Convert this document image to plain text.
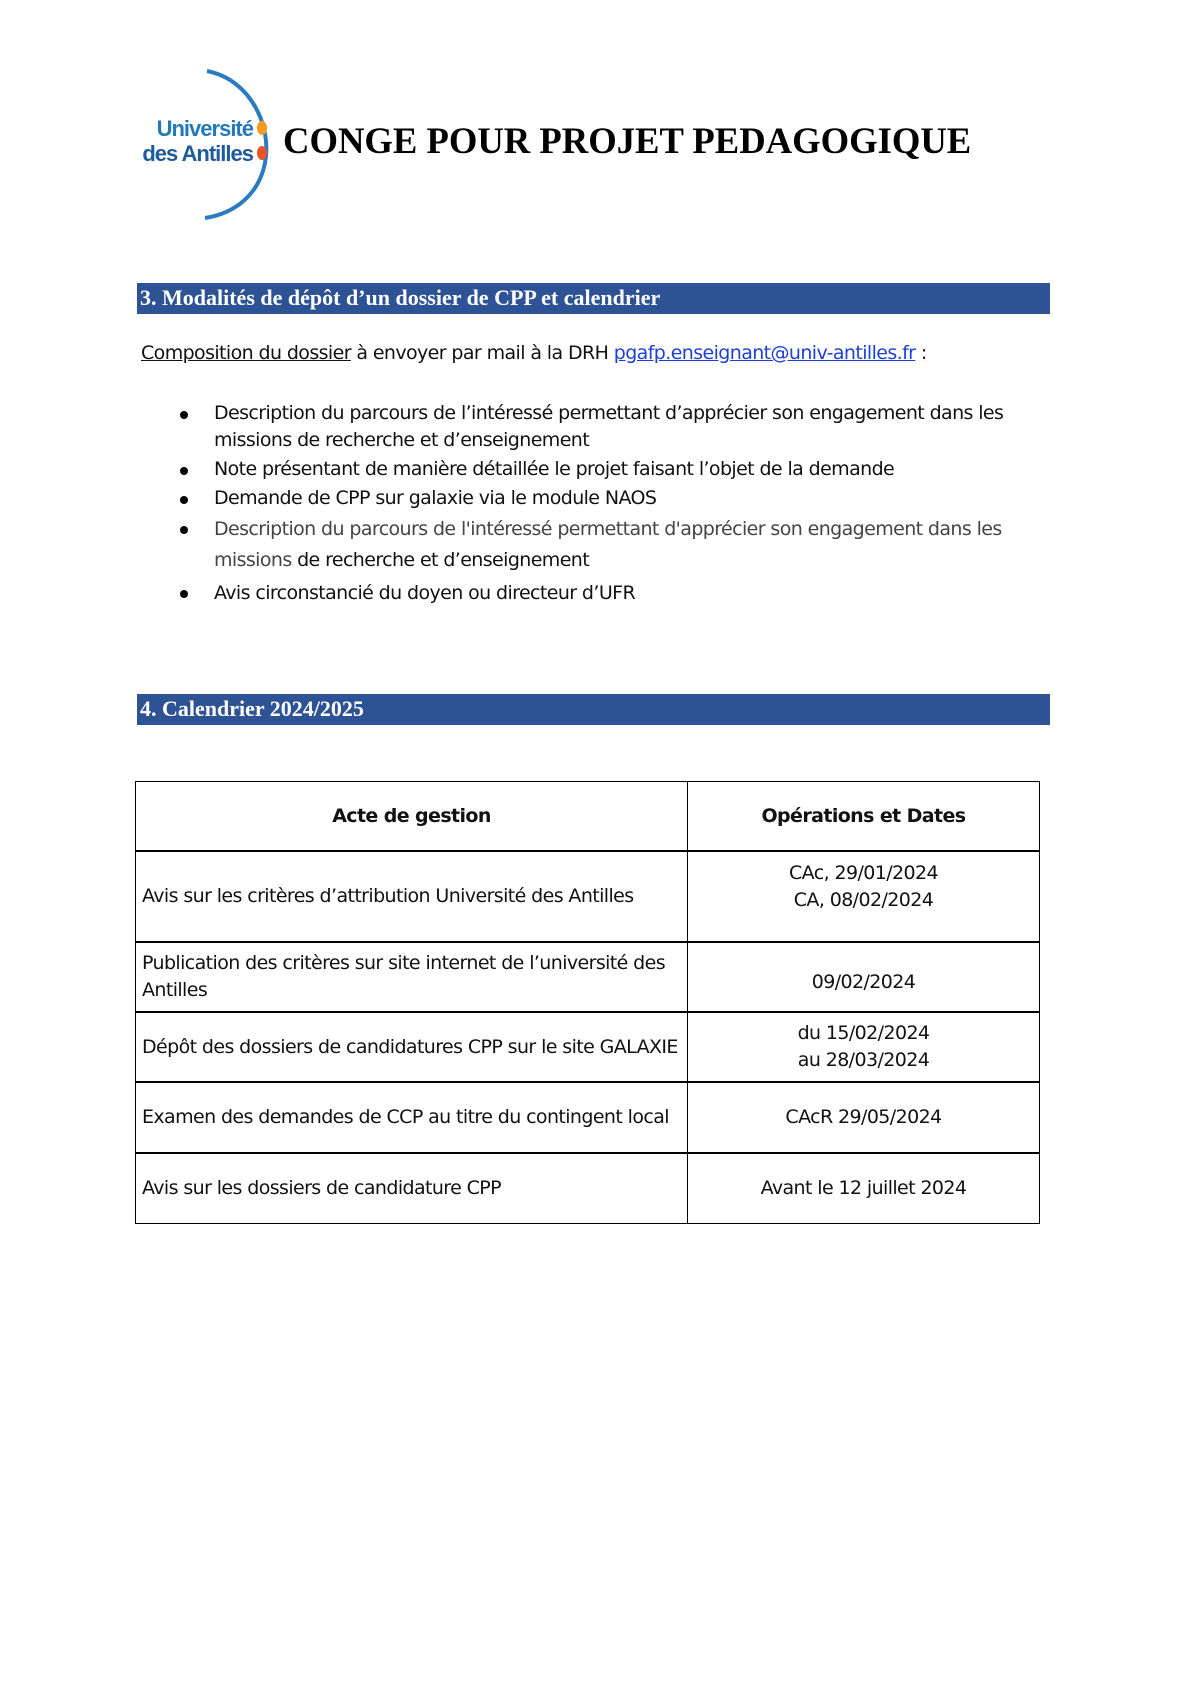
Université
des Antilles CONGE POUR PROJET PEDAGOGIQUE
3. Modalités de dépôt d’un dossier de CPP et calendrier
Composition du dossier à envoyer par mail à la DRH pgafp.enseignant@univ-antilles.fr :
Description du parcours de l’intéressé permettant d’apprécier son engagement dans les
missions de recherche et d’enseignement
Note présentant de manière détaillée le projet faisant l’objet de la demande
Demande de CPP sur galaxie via le module NAOS
Description du parcours de l'intéressé permettant d'apprécier son engagement dans les
missions de recherche et d’enseignement
Avis circonstancié du doyen ou directeur d’UFR
4. Calendrier 2024/2025
Acte de gestion	Opérations et Dates
Avis sur les critères d’attribution Université des Antilles	CAc, 29/01/2024
CA, 08/02/2024

Publication des critères sur site internet de l’université des Antilles	09/02/2024

Dépôt des dossiers de candidatures CPP sur le site GALAXIE	du 15/02/2024
au 28/03/2024

Examen des demandes de CCP au titre du contingent local	CAcR 29/05/2024

Avis sur les dossiers de candidature CPP	Avant le 12 juillet 2024
